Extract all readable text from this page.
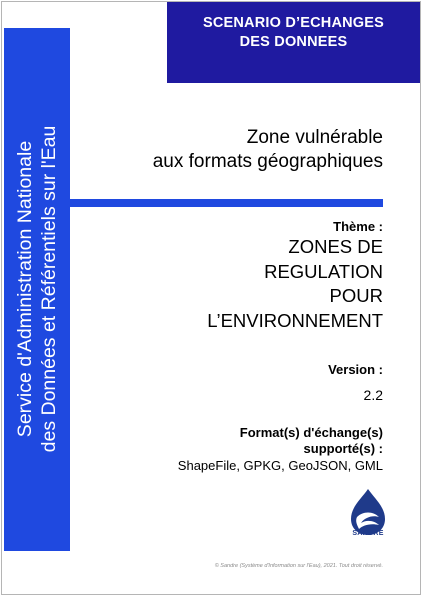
SCENARIO D’ECHANGES
DES DONNEES
Service d'Administration Nationale des Données et Référentiels sur l'Eau	Zone vulnérable
aux formats géographiques
Thème :
ZONES DE
REGULATION
POUR
L’ENVIRONNEMENT
Version :
2.2
Format(s) d'échange(s)
supporté(s) :
ShapeFile, GPKG, GeoJSON, GML
SANDRE
© Sandre (Système d'Information sur l'Eau), 2021. Tout droit réservé.
